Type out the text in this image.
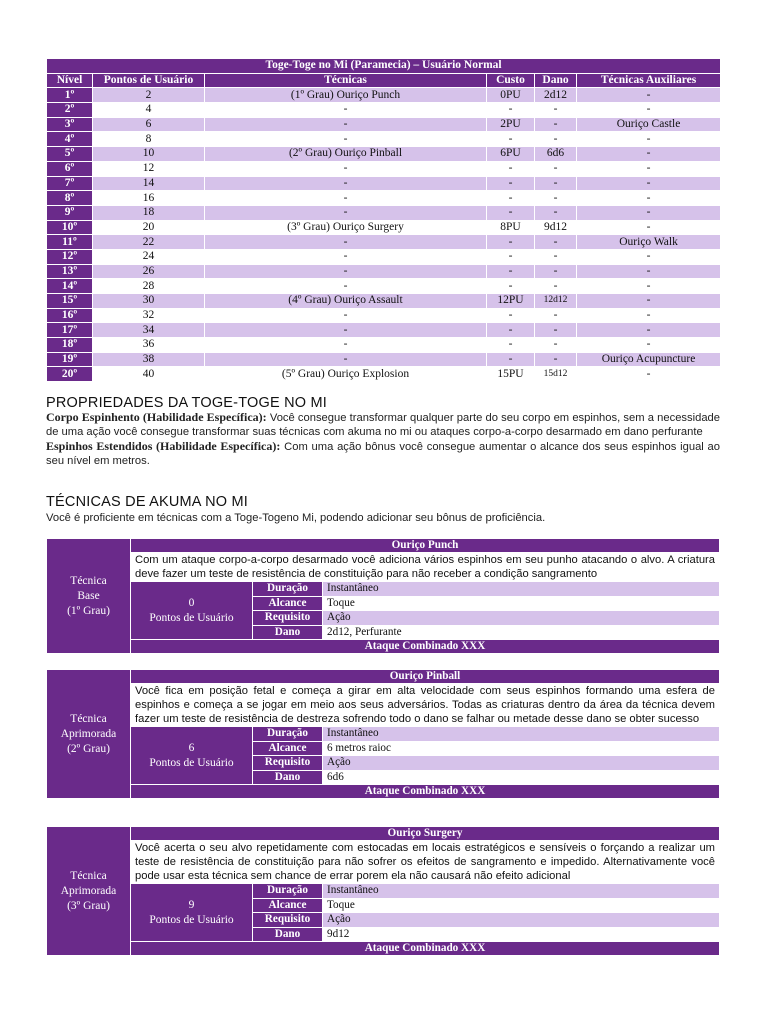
Toge-Toge no Mi (Paramecia) – Usuário Normal					
Nível	Pontos de Usuário	Técnicas	Custo	Dano	Técnicas Auxiliares
1º	2	(1º Grau) Ouriço Punch	0PU	2d12	-
2º	4	-	-	-	-
3º	6	-	2PU	-	Ouriço Castle
4º	8	-	-	-	-
5º	10	(2º Grau) Ouriço Pinball	6PU	6d6	-
6º	12	-	-	-	-
7º	14	-	-	-	-
8º	16	-	-	-	-
9º	18	-	-	-	-
10º	20	(3º Grau) Ouriço Surgery	8PU	9d12	-
11º	22	-	-	-	Ouriço Walk
12º	24	-	-	-	-
13º	26	-	-	-	-
14º	28	-	-	-	-
15º	30	(4º Grau) Ouriço Assault	12PU	12d12	-
16º	32	-	-	-	-
17º	34	-	-	-	-
18º	36	-	-	-	-
19º	38	-	-	-	Ouriço Acupuncture
20º	40	(5º Grau) Ouriço Explosion	15PU	15d12	-
PROPRIEDADES DA TOGE-TOGE NO MI

Corpo Espinhento (Habilidade Específica): Você consegue transformar qualquer parte do seu corpo em espinhos, sem a necessidade de uma ação você consegue transformar suas técnicas com akuma no mi ou ataques corpo-a-corpo desarmado em dano perfurante

Espinhos Estendidos (Habilidade Específica): Com uma ação bônus você consegue aumentar o alcance dos seus espinhos igual ao seu nível em metros.

TÉCNICAS DE AKUMA NO MI
Você é proficiente em técnicas com a Toge-Togeno Mi, podendo adicionar seu bônus de proficiência.
Técnica
Base
(1º Grau)	Ouriço Punch		
	Com um ataque corpo-a-corpo desarmado você adiciona vários espinhos em seu punho atacando o alvo. A criatura deve fazer um teste de resistência de constituição para não receber a condição sangramento		

	0
Pontos de Usuário	Duração	Instantâneo
		Alcance	Toque
		Requisito	Ação
		Dano	2d12, Perfurante
	Ataque Combinado XXX		
Técnica
Aprimorada
(2º Grau)	Ouriço Pinball		
	Você fica em posição fetal e começa a girar em alta velocidade com seus espinhos formando uma esfera de espinhos e começa a se jogar em meio aos seus adversários. Todas as criaturas dentro da área da técnica devem fazer um teste de resistência de destreza sofrendo todo o dano se falhar ou metade desse dano se obter sucesso		

	6
Pontos de Usuário	Duração	Instantâneo
		Alcance	6 metros raioc
		Requisito	Ação
		Dano	6d6
	Ataque Combinado XXX		
Técnica
Aprimorada
(3º Grau)	Ouriço Surgery		
	Você acerta o seu alvo repetidamente com estocadas em locais estratégicos e sensíveis o forçando a realizar um teste de resistência de constituição para não sofrer os efeitos de sangramento e impedido. Alternativamente você pode usar esta técnica sem chance de errar porem ela não causará não efeito adicional		

	9
Pontos de Usuário	Duração	Instantâneo
		Alcance	Toque
		Requisito	Ação
		Dano	9d12
	Ataque Combinado XXX		
